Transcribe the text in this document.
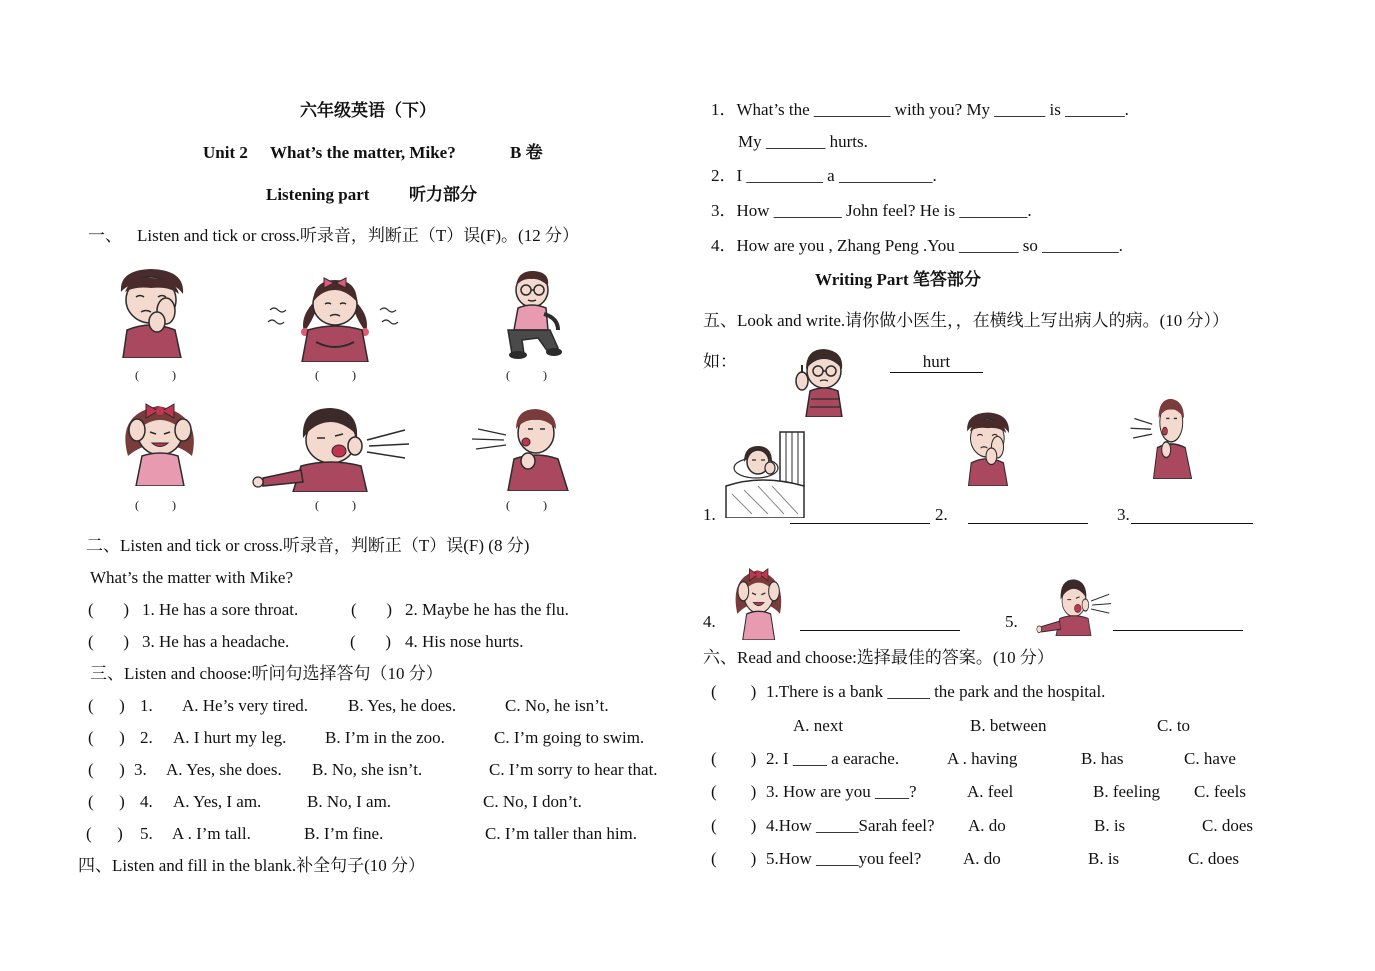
六年级英语（下）
Unit 2 What’s the matter, Mike?	B 卷
Listening part 听力部分
一、 Listen and tick or cross.听录音，判断正（T）误(F)。(12 分）
(           )	(           )	(           )
(           )	(           )	(           )
二、Listen and tick or cross.听录音，判断正（T）误(F) (8 分)
What’s the matter with Mike?
(       ) 1. He has a sore throat.	(       ) 2. Maybe he has the flu.
(       ) 3. He has a headache.	(       ) 4. His nose hurts.
三、Listen and choose:听问句选择答句（10 分）
(      ) 1. A. He’s very tired. B. Yes, he does.	C. No, he isn’t.
(      ) 2. A. I hurt my leg. B. I’m in the zoo.	C. I’m going to swim.
(      ) 3. A. Yes, she does. B. No, she isn’t.	C. I’m sorry to hear that.
(      ) 4. A. Yes, I am.	B. No, I am.	C. No, I don’t.
(      ) 5. A . I’m tall.	B. I’m fine.	C. I’m taller than him.
四、Listen and fill in the blank.补全句子(10 分）
1．What’s the _________ with you? My ______ is _______.
My _______ hurts.
2．I _________ a ___________.
3．How ________ John feel? He is ________.
4．How are you , Zhang Peng .You _______ so _________.
Writing Part 笔答部分
五、Look and write.请你做小医生，，在横线上写出病人的病。(10 分））
如：	hurt
1.	2.	3.
4.	5.
六、Read and choose:选择最佳的答案。(10 分）
(        ) 1.There is a bank _____ the park and the hospital.
A. next	B. between	C. to
(        ) 2. I ____ a earache.	A . having	B. has	C. have
(        ) 3. How are you ____?	A. feel	B. feeling C. feels
(        ) 4.How _____Sarah feel? A. do	B. is	C. does
(        ) 5.How _____you feel? A. do	B. is	C. does
